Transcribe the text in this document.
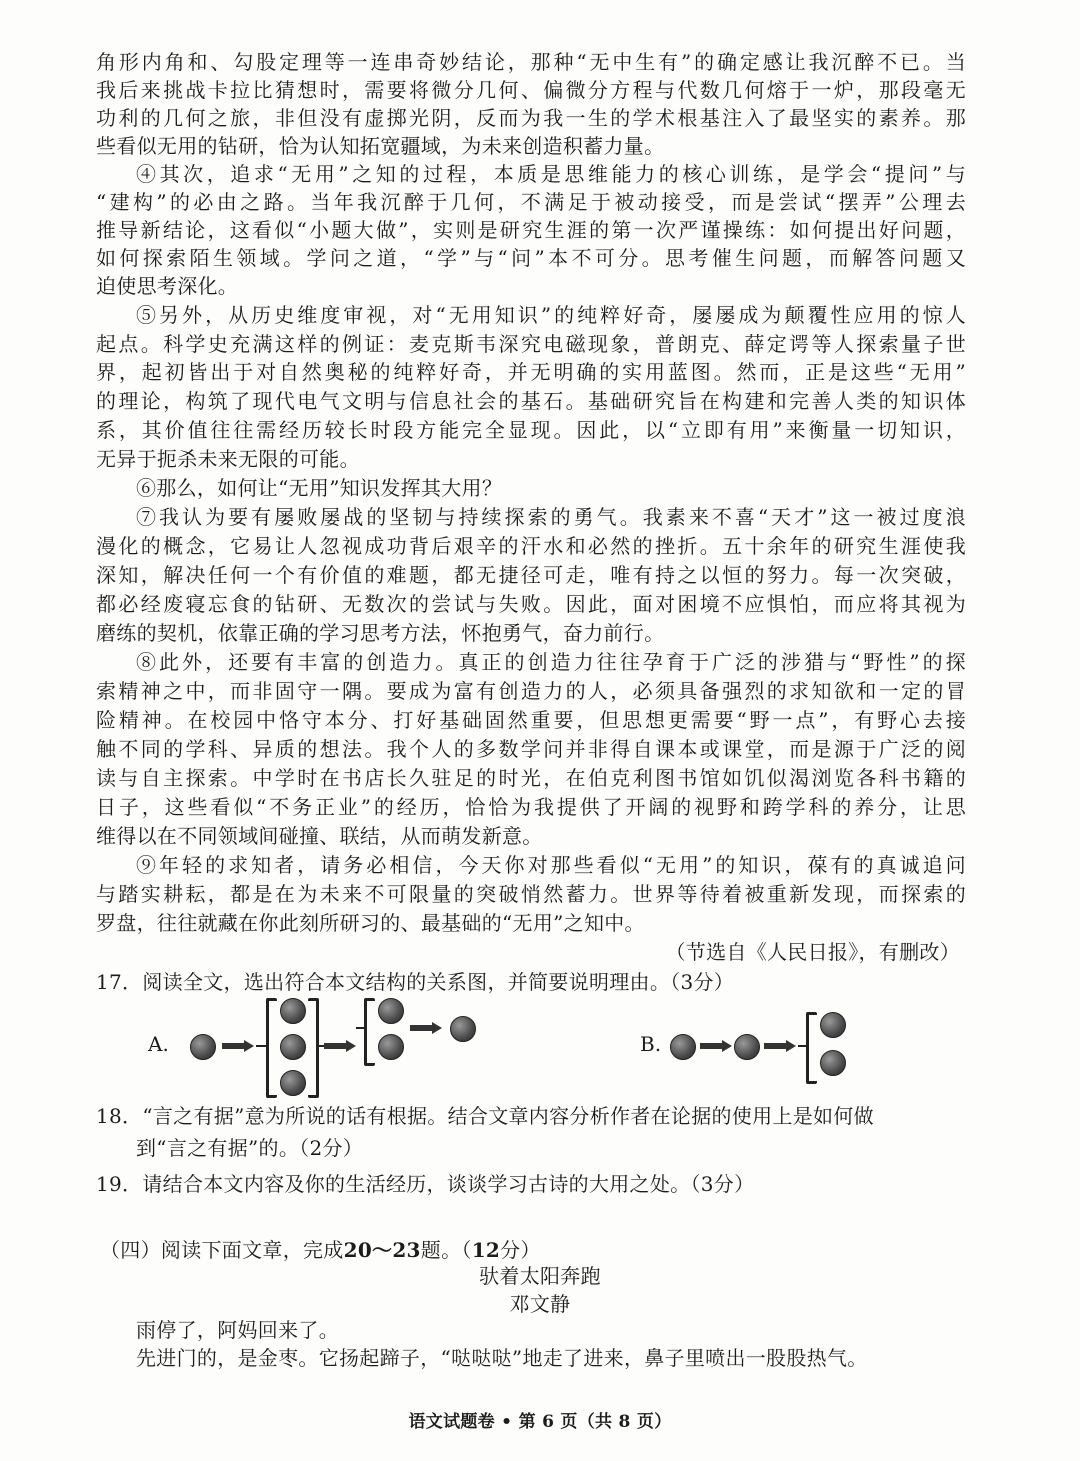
角形内角和、勾股定理等一连串奇妙结论，那种“无中生有”的确定感让我沉醉不已。当
我后来挑战卡拉比猜想时，需要将微分几何、偏微分方程与代数几何熔于一炉，那段毫无
功利的几何之旅，非但没有虚掷光阴，反而为我一生的学术根基注入了最坚实的素养。那
些看似无用的钻研，恰为认知拓宽疆域，为未来创造积蓄力量。
④其次，追求“无用”之知的过程，本质是思维能力的核心训练，是学会“提问”与
“建构”的必由之路。当年我沉醉于几何，不满足于被动接受，而是尝试“摆弄”公理去
推导新结论，这看似“小题大做”，实则是研究生涯的第一次严谨操练：如何提出好问题，
如何探索陌生领域。学问之道，“学”与“问”本不可分。思考催生问题，而解答问题又
迫使思考深化。
⑤另外，从历史维度审视，对“无用知识”的纯粹好奇，屡屡成为颠覆性应用的惊人
起点。科学史充满这样的例证：麦克斯韦深究电磁现象，普朗克、薛定谔等人探索量子世
界，起初皆出于对自然奥秘的纯粹好奇，并无明确的实用蓝图。然而，正是这些“无用”
的理论，构筑了现代电气文明与信息社会的基石。基础研究旨在构建和完善人类的知识体
系，其价值往往需经历较长时段方能完全显现。因此，以“立即有用”来衡量一切知识，
无异于扼杀未来无限的可能。
⑥那么，如何让“无用”知识发挥其大用？
⑦我认为要有屡败屡战的坚韧与持续探索的勇气。我素来不喜“天才”这一被过度浪
漫化的概念，它易让人忽视成功背后艰辛的汗水和必然的挫折。五十余年的研究生涯使我
深知，解决任何一个有价值的难题，都无捷径可走，唯有持之以恒的努力。每一次突破，
都必经废寝忘食的钻研、无数次的尝试与失败。因此，面对困境不应惧怕，而应将其视为
磨练的契机，依靠正确的学习思考方法，怀抱勇气，奋力前行。
⑧此外，还要有丰富的创造力。真正的创造力往往孕育于广泛的涉猎与“野性”的探
索精神之中，而非固守一隅。要成为富有创造力的人，必须具备强烈的求知欲和一定的冒
险精神。在校园中恪守本分、打好基础固然重要，但思想更需要“野一点”，有野心去接
触不同的学科、异质的想法。我个人的多数学问并非得自课本或课堂，而是源于广泛的阅
读与自主探索。中学时在书店长久驻足的时光，在伯克利图书馆如饥似渴浏览各科书籍的
日子，这些看似“不务正业”的经历，恰恰为我提供了开阔的视野和跨学科的养分，让思
维得以在不同领域间碰撞、联结，从而萌发新意。
⑨年轻的求知者，请务必相信，今天你对那些看似“无用”的知识，葆有的真诚追问
与踏实耕耘，都是在为未来不可限量的突破悄然蓄力。世界等待着被重新发现，而探索的
罗盘，往往就藏在你此刻所研习的、最基础的“无用”之知中。
（节选自《人民日报》，有删改）
17．阅读全文，选出符合本文结构的关系图，并简要说明理由。（3分）
A.	B.
18．“言之有据”意为所说的话有根据。结合文章内容分析作者在论据的使用上是如何做
到“言之有据”的。（2分）
19．请结合本文内容及你的生活经历，谈谈学习古诗的大用之处。（3分）
（四）阅读下面文章，完成20～23题。（12分）
驮着太阳奔跑
邓文静
雨停了，阿妈回来了。
先进门的，是金枣。它扬起蹄子，“哒哒哒”地走了进来，鼻子里喷出一股股热气。
语文试题卷 • 第 6 页（共 8 页）
